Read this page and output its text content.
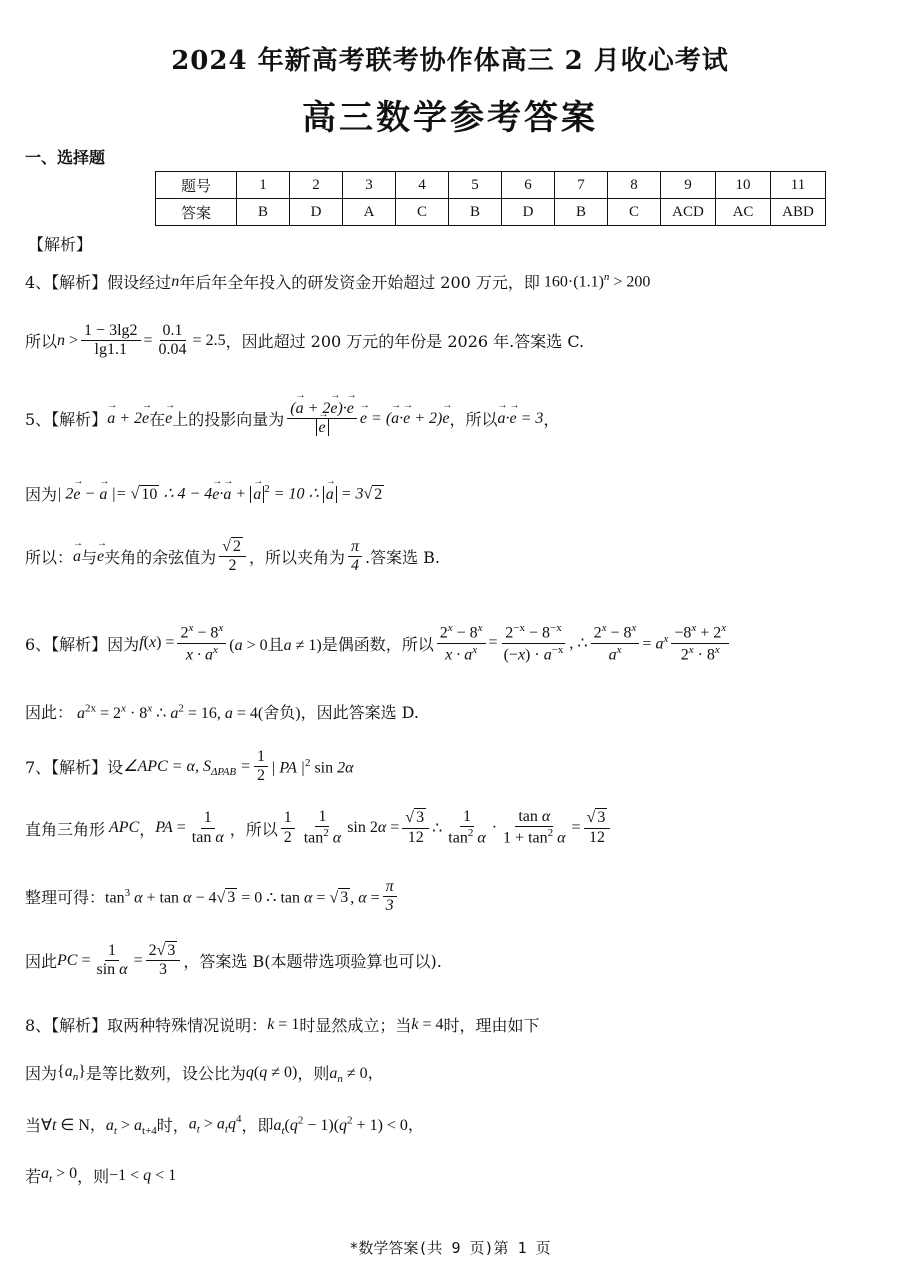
2024 年新高考联考协作体高三 2 月收心考试
高三数学参考答案
一、选择题
题号	1	2	3	4	5	6	7	8	9	10	11
答案	B	D	A	C	B	D	B	C	ACD	AC	ABD
【解析】
4、【解析】假设经过 n 年后年全年投入的研发资金开始超过 200 万元，即 $160\cdot(1.1)^n > 200$
所以 $n > \frac{1 - 3\lg 2}{\lg 1.1} = \frac{0.1}{0.04} = 2.5$ ，因此超过 200 万元的年份是 2026 年.答案选 C.
5、【解析】 → a + 2→ e 在 → e 上的投影向量为 (→ a + 2→ e)·→ e
→ e → e = (→ a·→ e + 2)→ e ，所以 → a·→ e = 3 ，
因为 | 2→ e − → a |= √ 10 ∴ 4 − 4→ e·→ a + → a $^2$ = 10 ∴ → a = 3√ 2
所以： → a 与 → e 夹角的余弦值为 $\frac{√ 2}{2}$ ，所以夹角为 $\frac{\pi}{4}$ .答案选 B.
6、【解析】因为 f ( x ) = $\frac{2^x - 8^x}{x \cdot a^x} (a > 0$且a ≠ 1) 是偶函数，所以 $\frac{2^x - 8^x}{x \cdot a^x} = \frac{2^{-x} - 8^{-x}}{(-x) \cdot a^{-x}}$ , ∴ $\frac{2^x - 8^x}{a^x} = a^x \frac{-8^x + 2^x}{2^x \cdot 8^x}$
因此： $a^{2x} = 2^x \cdot 8^x$ ∴ $a^2 = 16$, a = 4(舍负) ，因此答案选 D.
7、【解析】设 ∠APC = α, $S_{\Delta PAB} = \frac{1}{2}$ | PA $|^2$ sin 2α
直角三角形 APC ， PA = $\frac{1}{\text{tan α}}$ ，所以 $\frac{1}{2} \frac{1}{\tan^2 \alpha}$ $\sin 2\alpha = \frac{√ 3}{12}$ ∴ $\frac{1}{\tan^2 \alpha} \cdot \frac{\text{tan α}}{1 + \tan^2 \alpha} = \frac{√ 3}{12}$
整理可得： $\tan^3 \alpha + \tan \alpha - 4√$ 3 = 0 ∴ tan α = √ 3 , $\alpha = \frac{\pi}{3}$
因此 PC = $\frac{1}{\text{sin α}} = \frac{2√ 3}{3}$ ，答案选 B(本题带选项验算也可以).
8、【解析】取两种特殊情况说明： k = 1 时显然成立；当 k = 4 时，理由如下
因为 $\{a_n\}$ 是等比数列，设公比为 q(q ≠ 0) ，则 $a_n \ne 0$，
当 ∀t ∈ N，$a_t > a_{t+4}$ 时， $a_t > a_tq^4$ ，即 $a_t(q^2 - 1)(q^2 + 1) < 0$，
若 $a_t > 0$ ，则 −1 < q < 1
*数学答案(共 9 页)第 1 页
